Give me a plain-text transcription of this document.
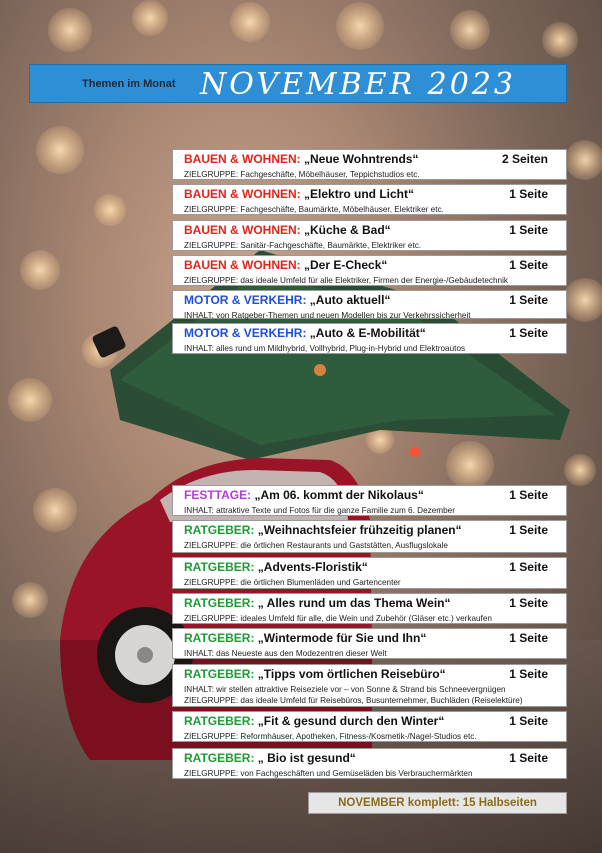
Themen im Monat NOVEMBER 2023
BAUEN & WOHNEN: „Neue Wohntrends“	2 Seiten
ZIELGRUPPE: Fachgeschäfte, Möbelhäuser, Teppichstudios etc.
BAUEN & WOHNEN: „Elektro und Licht“	1 Seite
ZIELGRUPPE: Fachgeschäfte, Baumärkte, Möbelhäuser, Elektriker etc.
BAUEN & WOHNEN: „Küche & Bad“	1 Seite
ZIELGRUPPE: Sanitär-Fachgeschäfte, Baumärkte, Elektriker etc.
BAUEN & WOHNEN: „Der E-Check“	1 Seite
ZIELGRUPPE: das ideale Umfeld für alle Elektriker, Firmen der Energie-/Gebäudetechnik
MOTOR & VERKEHR: „Auto aktuell“	1 Seite
INHALT: von Ratgeber-Themen und neuen Modellen bis zur Verkehrssicherheit
MOTOR & VERKEHR: „Auto & E-Mobilität“	1 Seite
INHALT: alles rund um Mildhybrid, Vollhybrid, Plug-in-Hybrid und Elektroautos
FESTTAGE: „Am 06. kommt der Nikolaus“	1 Seite
INHALT: attraktive Texte und Fotos für die ganze Familie zum 6. Dezember
RATGEBER: „Weihnachtsfeier frühzeitig planen“	1 Seite
ZIELGRUPPE: die örtlichen Restaurants und Gaststätten, Ausflugslokale
RATGEBER: „Advents-Floristik“	1 Seite
ZIELGRUPPE: die örtlichen Blumenläden und Gartencenter
RATGEBER: „ Alles rund um das Thema Wein“	1 Seite
ZIELGRUPPE: ideales Umfeld für alle, die Wein und Zubehör (Gläser etc.) verkaufen
RATGEBER: „Wintermode für Sie und Ihn“	1 Seite
INHALT: das Neueste aus den Modezentren dieser Welt
RATGEBER: „Tipps vom örtlichen Reisebüro“	1 Seite
INHALT: wir stellen attraktive Reiseziele vor – von Sonne & Strand bis Schneevergnügen
ZIELGRUPPE: das ideale Umfeld für Reisebüros, Busunternehmer, Buchläden (Reiselektüre)
RATGEBER: „Fit & gesund durch den Winter“	1 Seite
ZIELGRUPPE: Reformhäuser, Apotheken, Fitness-/Kosmetik-/Nagel-Studios etc.
RATGEBER: „ Bio ist gesund“	1 Seite
ZIELGRUPPE: von Fachgeschäften und Gemüseläden bis Verbrauchermärkten
NOVEMBER komplett: 15 Halbseiten
